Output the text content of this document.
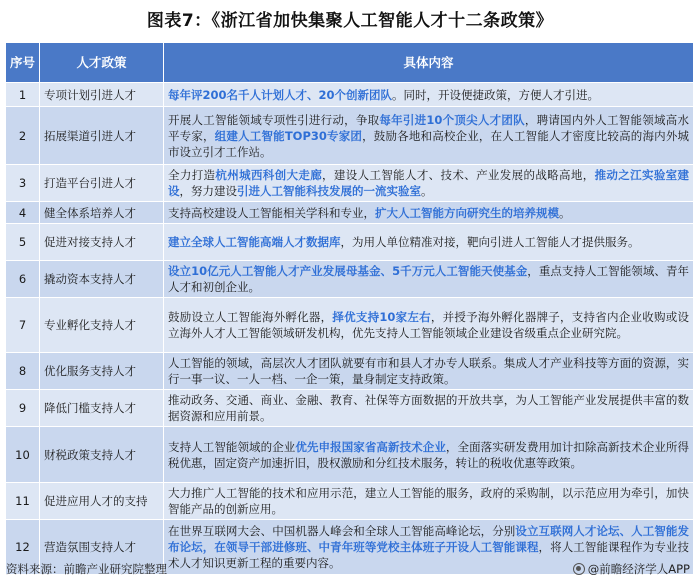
图表7：《浙江省加快集聚人工智能人才十二条政策》
序号	人才政策	具体内容
1	专项计划引进人才	每年评200名千人计划人才、20个创新团队。同时，开设便捷政策，方便人才引进。
2	拓展渠道引进人才	开展人工智能领域专项性引进行动，争取每年引进10个顶尖人才团队，聘请国内外人工智能领域高水平专家，组建人工智能TOP30专家团，鼓励各地和高校企业，在人工智能人才密度比较高的海内外城市设立引才工作站。
3	打造平台引进人才	全力打造杭州城西科创大走廊，建设人工智能人才、技术、产业发展的战略高地，推动之江实验室建设，努力建设引进人工智能科技发展的一流实验室。
4	健全体系培养人才	支持高校建设人工智能相关学科和专业，扩大人工智能方向研究生的培养规模。
5	促进对接支持人才	建立全球人工智能高端人才数据库，为用人单位精准对接，靶向引进人工智能人才提供服务。
6	撬动资本支持人才	设立10亿元人工智能人才产业发展母基金、5千万元人工智能天使基金，重点支持人工智能领域、青年人才和初创企业。
7	专业孵化支持人才	鼓励设立人工智能海外孵化器，择优支持10家左右，并授予海外孵化器牌子，支持省内企业收购或设立海外人才人工智能领域研发机构，优先支持人工智能领域企业建设省级重点企业研究院。
8	优化服务支持人才	人工智能的领域，高层次人才团队就要有市和县人才办专人联系。集成人才产业科技等方面的资源，实行一事一议、一人一档、一企一策，量身制定支持政策。
9	降低门槛支持人才	推动政务、交通、商业、金融、教育、社保等方面数据的开放共享，为人工智能产业发展提供丰富的数据资源和应用前景。
10	财税政策支持人才	支持人工智能领域的企业优先申报国家省高新技术企业，全面落实研发费用加计扣除高新技术企业所得税优惠，固定资产加速折旧，股权激励和分红技术服务，转让的税收优惠等政策。
11	促进应用人才的支持	大力推广人工智能的技术和应用示范，建立人工智能的服务，政府的采购制，以示范应用为牵引，加快智能产品的创新应用。
12	营造氛围支持人才	在世界互联网大会、中国机器人峰会和全球人工智能高峰论坛，分别设立互联网人才论坛、人工智能发布论坛，在领导干部进修班、中青年班等党校主体班子开设人工智能课程，将人工智能课程作为专业技术人才知识更新工程的重要内容。
资料来源：前瞻产业研究院整理	@前瞻经济学人APP
